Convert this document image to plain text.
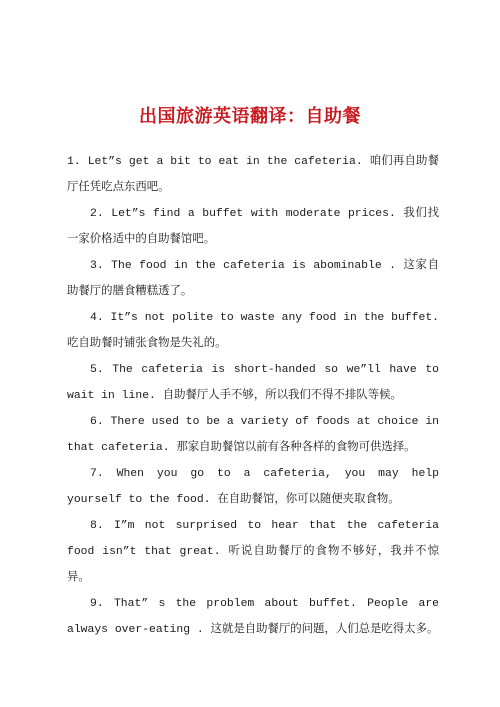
出国旅游英语翻译：自助餐

1. Let”s get a bit to eat in the cafeteria. 咱们再自助餐厅任凭吃点东西吧。

2. Let”s find a buffet with moderate prices. 我们找一家价格适中的自助餐馆吧。

3. The food in the cafeteria is abominable . 这家自助餐厅的膳食糟糕透了。

4. It”s not polite to waste any food in the buffet. 吃自助餐时铺张食物是失礼的。

5. The cafeteria is short-handed so we”ll have to wait in line. 自助餐厅人手不够，所以我们不得不排队等候。

6. There used to be a variety of foods at choice in that cafeteria. 那家自助餐馆以前有各种各样的食物可供选择。

7. When you go to a cafeteria, you may help yourself to the food. 在自助餐馆，你可以随便夹取食物。

8. I”m not surprised to hear that the cafeteria food isn”t that great. 听说自助餐厅的食物不够好，我并不惊异。

9. That” s the problem about buffet. People are always over-eating . 这就是自助餐厅的问题，人们总是吃得太多。
